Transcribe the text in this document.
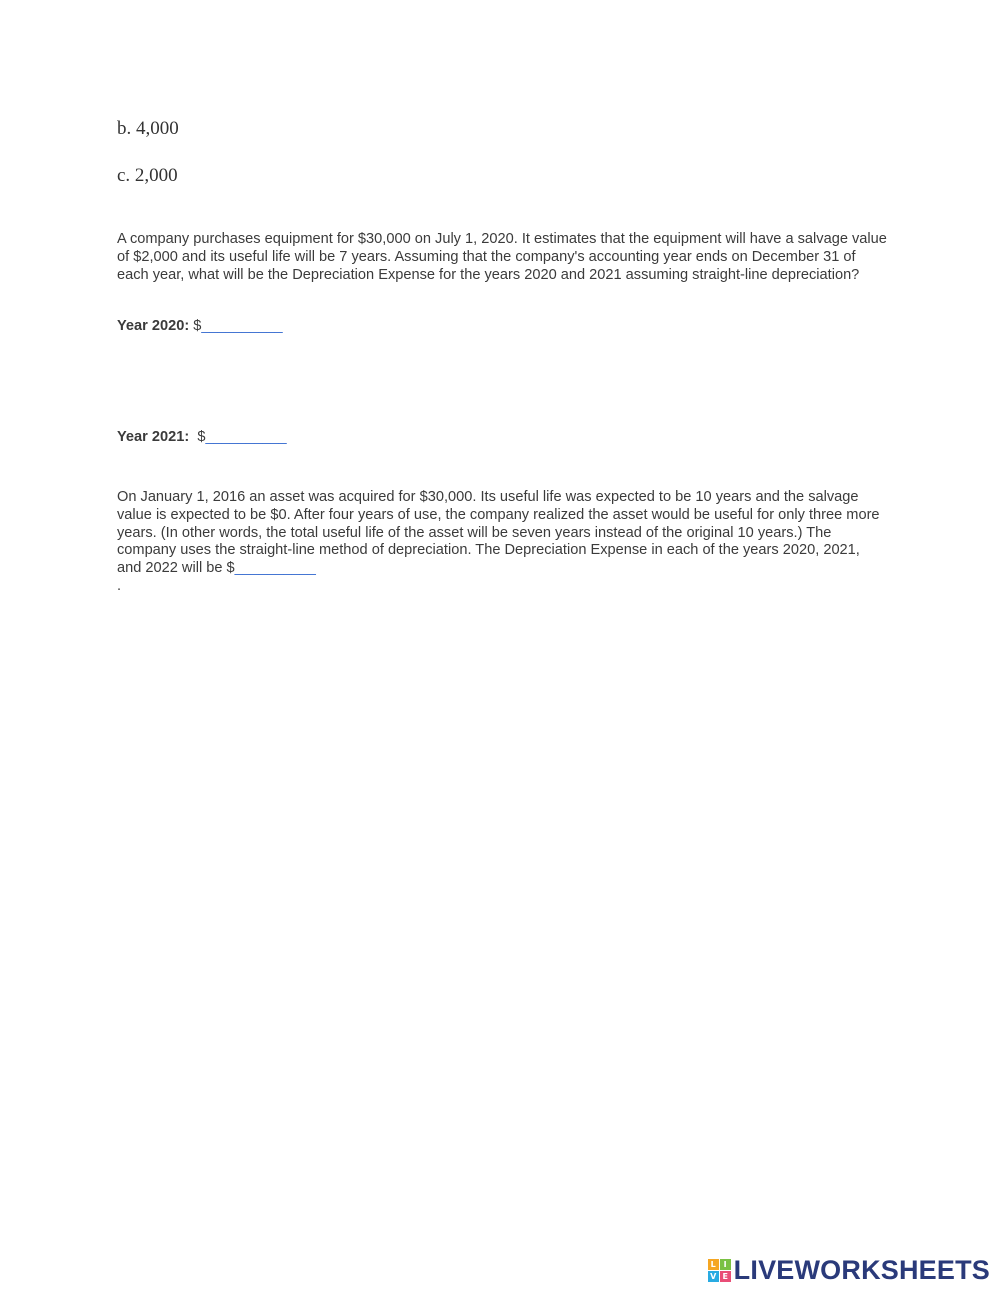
b. 4,000
c. 2,000
A company purchases equipment for $30,000 on July 1, 2020. It estimates that the equipment will have a salvage value of $2,000 and its useful life will be 7 years. Assuming that the company's accounting year ends on December 31 of each year, what will be the Depreciation Expense for the years 2020 and 2021 assuming straight-line depreciation?
Year 2020: $__________
Year 2021:  $__________
On January 1, 2016 an asset was acquired for $30,000. Its useful life was expected to be 10 years and the salvage value is expected to be $0. After four years of use, the company realized the asset would be useful for only three more years. (In other words, the total useful life of the asset will be seven years instead of the original 10 years.) The company uses the straight-line method of depreciation. The Depreciation Expense in each of the years 2020, 2021, and 2022 will be $__________
.
L I
V E LIVEWORKSHEETS
